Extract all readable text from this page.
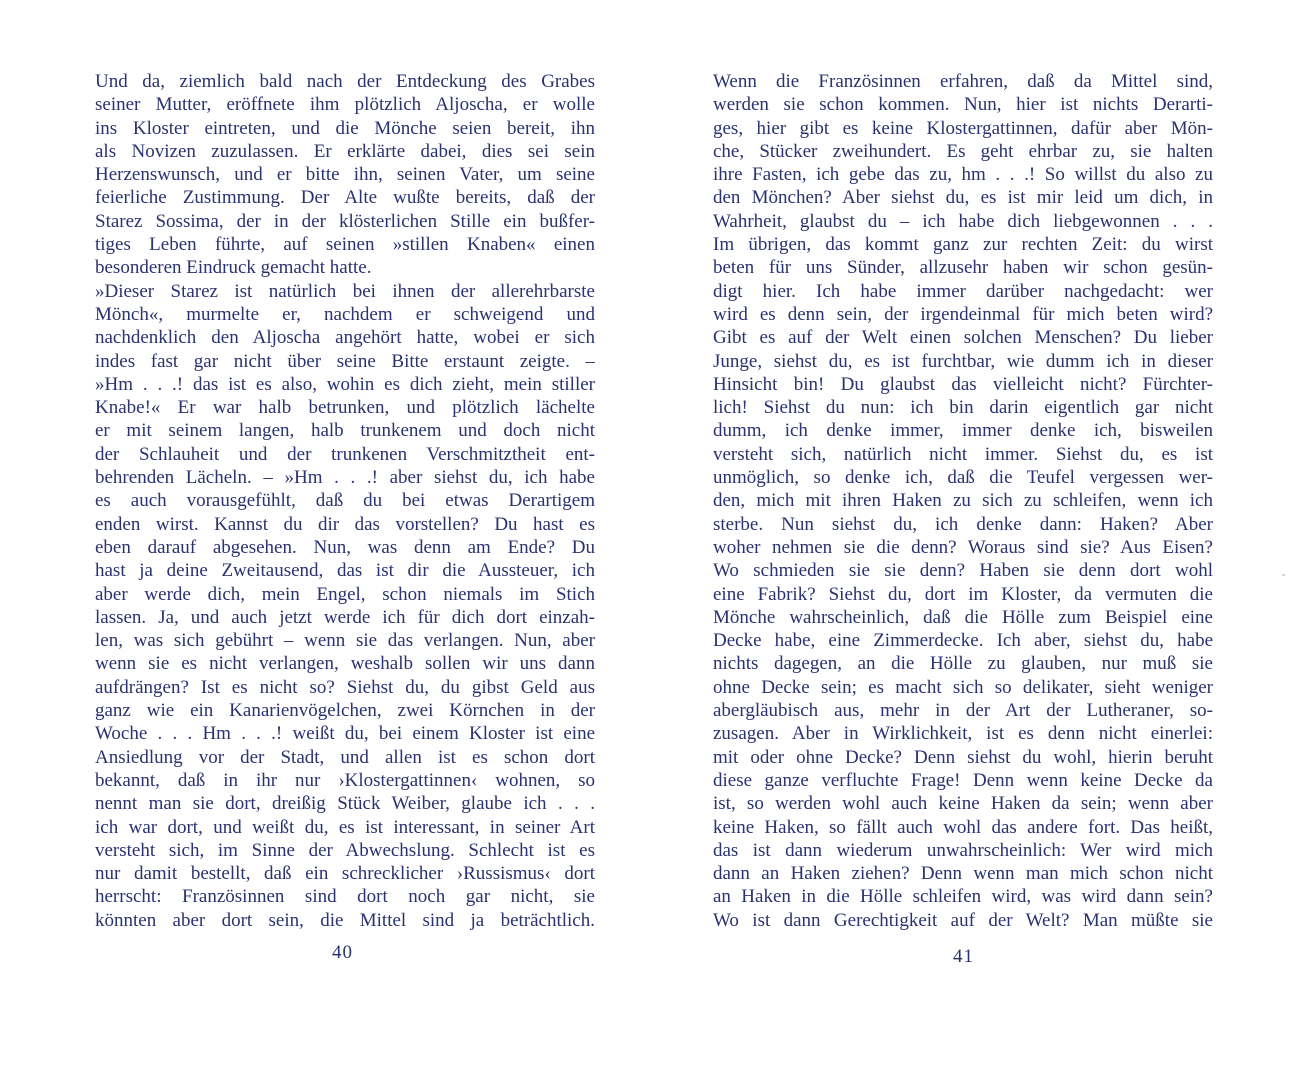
Und da, ziemlich bald nach der Entdeckung des Grabes
seiner Mutter, eröffnete ihm plötzlich Aljoscha, er wolle
ins Kloster eintreten, und die Mönche seien bereit, ihn
als Novizen zuzulassen. Er erklärte dabei, dies sei sein
Herzenswunsch, und er bitte ihn, seinen Vater, um seine
feierliche Zustimmung. Der Alte wußte bereits, daß der
Starez Sossima, der in der klösterlichen Stille ein bußfer-
tiges Leben führte, auf seinen »stillen Knaben« einen
besonderen Eindruck gemacht hatte.
»Dieser Starez ist natürlich bei ihnen der allerehrbarste
Mönch«, murmelte er, nachdem er schweigend und
nachdenklich den Aljoscha angehört hatte, wobei er sich
indes fast gar nicht über seine Bitte erstaunt zeigte. –
»Hm . . .! das ist es also, wohin es dich zieht, mein stiller
Knabe!« Er war halb betrunken, und plötzlich lächelte
er mit seinem langen, halb trunkenem und doch nicht
der Schlauheit und der trunkenen Verschmitztheit ent-
behrenden Lächeln. – »Hm . . .! aber siehst du, ich habe
es auch vorausgefühlt, daß du bei etwas Derartigem
enden wirst. Kannst du dir das vorstellen? Du hast es
eben darauf abgesehen. Nun, was denn am Ende? Du
hast ja deine Zweitausend, das ist dir die Aussteuer, ich
aber werde dich, mein Engel, schon niemals im Stich
lassen. Ja, und auch jetzt werde ich für dich dort einzah-
len, was sich gebührt – wenn sie das verlangen. Nun, aber
wenn sie es nicht verlangen, weshalb sollen wir uns dann
aufdrängen? Ist es nicht so? Siehst du, du gibst Geld aus
ganz wie ein Kanarienvögelchen, zwei Körnchen in der
Woche . . . Hm . . .! weißt du, bei einem Kloster ist eine
Ansiedlung vor der Stadt, und allen ist es schon dort
bekannt, daß in ihr nur ›Klostergattinnen‹ wohnen, so
nennt man sie dort, dreißig Stück Weiber, glaube ich . . .
ich war dort, und weißt du, es ist interessant, in seiner Art
versteht sich, im Sinne der Abwechslung. Schlecht ist es
nur damit bestellt, daß ein schrecklicher ›Russismus‹ dort
herrscht: Französinnen sind dort noch gar nicht, sie
könnten aber dort sein, die Mittel sind ja beträchtlich.
40
Wenn die Französinnen erfahren, daß da Mittel sind,
werden sie schon kommen. Nun, hier ist nichts Derarti-
ges, hier gibt es keine Klostergattinnen, dafür aber Mön-
che, Stücker zweihundert. Es geht ehrbar zu, sie halten
ihre Fasten, ich gebe das zu, hm . . .! So willst du also zu
den Mönchen? Aber siehst du, es ist mir leid um dich, in
Wahrheit, glaubst du – ich habe dich liebgewonnen . . .
Im übrigen, das kommt ganz zur rechten Zeit: du wirst
beten für uns Sünder, allzusehr haben wir schon gesün-
digt hier. Ich habe immer darüber nachgedacht: wer
wird es denn sein, der irgendeinmal für mich beten wird?
Gibt es auf der Welt einen solchen Menschen? Du lieber
Junge, siehst du, es ist furchtbar, wie dumm ich in dieser
Hinsicht bin! Du glaubst das vielleicht nicht? Fürchter-
lich! Siehst du nun: ich bin darin eigentlich gar nicht
dumm, ich denke immer, immer denke ich, bisweilen
versteht sich, natürlich nicht immer. Siehst du, es ist
unmöglich, so denke ich, daß die Teufel vergessen wer-
den, mich mit ihren Haken zu sich zu schleifen, wenn ich
sterbe. Nun siehst du, ich denke dann: Haken? Aber
woher nehmen sie die denn? Woraus sind sie? Aus Eisen?
Wo schmieden sie sie denn? Haben sie denn dort wohl
eine Fabrik? Siehst du, dort im Kloster, da vermuten die
Mönche wahrscheinlich, daß die Hölle zum Beispiel eine
Decke habe, eine Zimmerdecke. Ich aber, siehst du, habe
nichts dagegen, an die Hölle zu glauben, nur muß sie
ohne Decke sein; es macht sich so delikater, sieht weniger
abergläubisch aus, mehr in der Art der Lutheraner, so-
zusagen. Aber in Wirklichkeit, ist es denn nicht einerlei:
mit oder ohne Decke? Denn siehst du wohl, hierin beruht
diese ganze verfluchte Frage! Denn wenn keine Decke da
ist, so werden wohl auch keine Haken da sein; wenn aber
keine Haken, so fällt auch wohl das andere fort. Das heißt,
das ist dann wiederum unwahrscheinlich: Wer wird mich
dann an Haken ziehen? Denn wenn man mich schon nicht
an Haken in die Hölle schleifen wird, was wird dann sein?
Wo ist dann Gerechtigkeit auf der Welt? Man müßte sie
41
